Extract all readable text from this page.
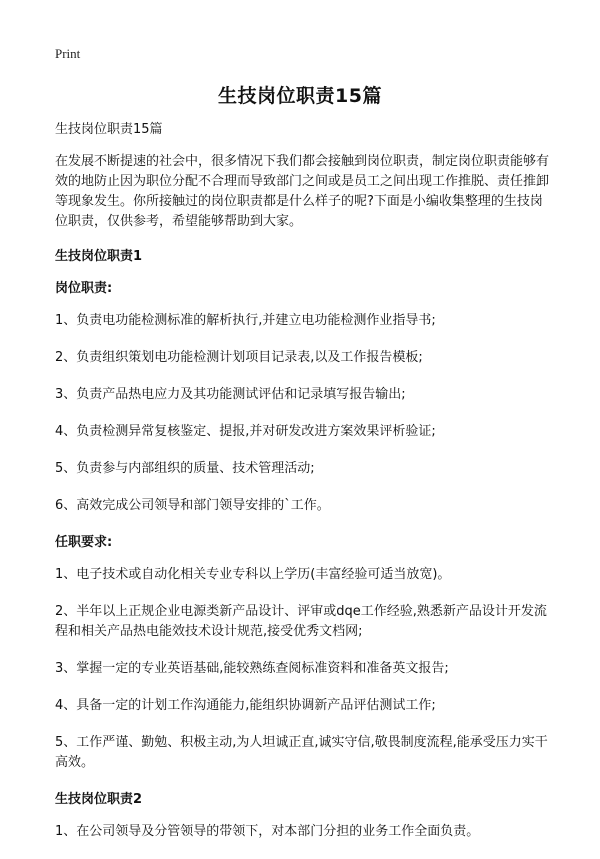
Print
生技岗位职责15篇

生技岗位职责15篇

在发展不断提速的社会中，很多情况下我们都会接触到岗位职责，制定岗位职责能够有效的地防止因为职位分配不合理而导致部门之间或是员工之间出现工作推脱、责任推卸等现象发生。你所接触过的岗位职责都是什么样子的呢?下面是小编收集整理的生技岗位职责，仅供参考，希望能够帮助到大家。

生技岗位职责1

岗位职责:

1、负责电功能检测标准的解析执行,并建立电功能检测作业指导书;

2、负责组织策划电功能检测计划项目记录表,以及工作报告模板;

3、负责产品热电应力及其功能测试评估和记录填写报告输出;

4、负责检测异常复核鉴定、提报,并对研发改进方案效果评析验证;

5、负责参与内部组织的质量、技术管理活动;

6、高效完成公司领导和部门领导安排的`工作。

任职要求:

1、电子技术或自动化相关专业专科以上学历(丰富经验可适当放宽)。

2、半年以上正规企业电源类新产品设计、评审或dqe工作经验,熟悉新产品设计开发流程和相关产品热电能效技术设计规范,接受优秀文档网;

3、掌握一定的专业英语基础,能较熟练查阅标准资料和准备英文报告;

4、具备一定的计划工作沟通能力,能组织协调新产品评估测试工作;

5、工作严谨、勤勉、积极主动,为人坦诚正直,诚实守信,敬畏制度流程,能承受压力实干高效。

生技岗位职责2

1、在公司领导及分管领导的带领下，对本部门分担的业务工作全面负责。
